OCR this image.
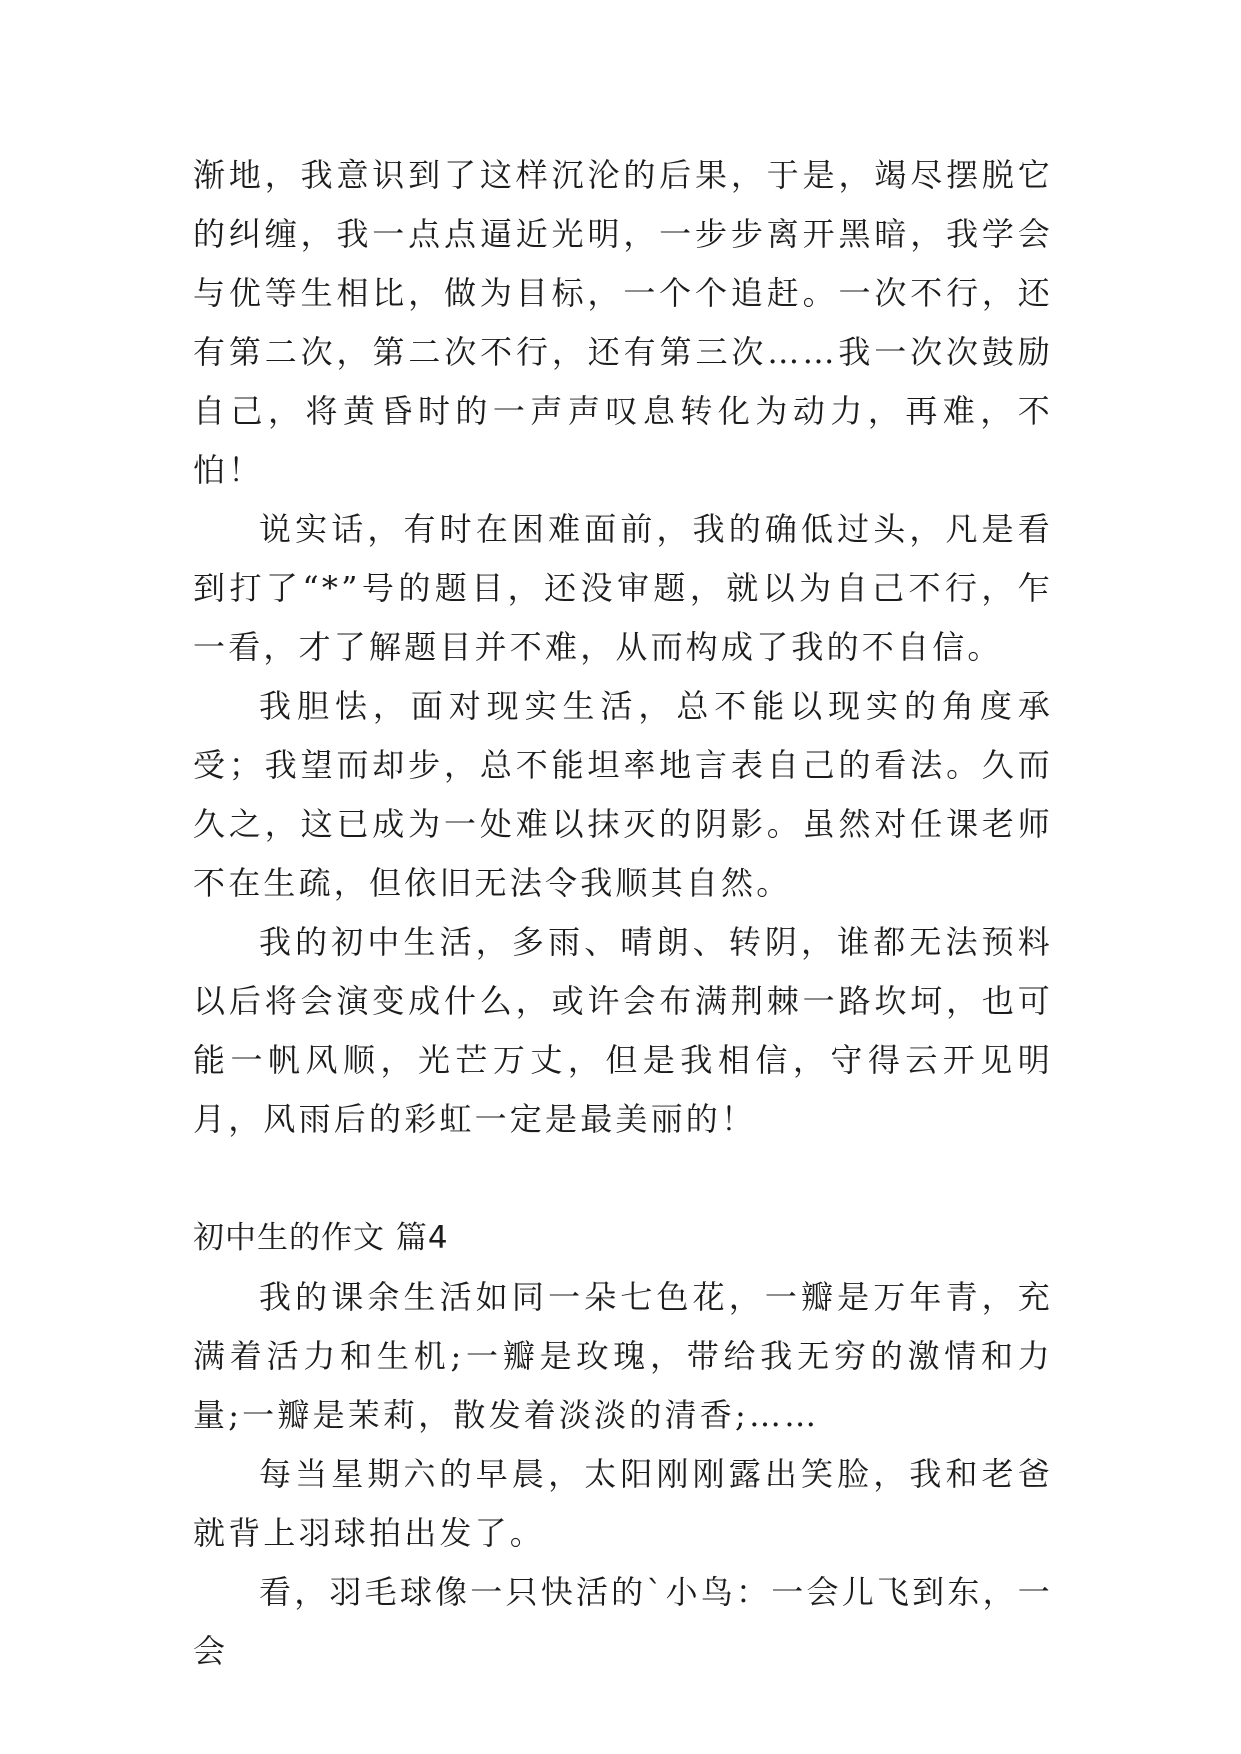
渐地，我意识到了这样沉沦的后果，于是，竭尽摆脱它的纠缠，我一点点逼近光明，一步步离开黑暗，我学会与优等生相比，做为目标，一个个追赶。一次不行，还有第二次，第二次不行，还有第三次……我一次次鼓励自己，将黄昏时的一声声叹息转化为动力，再难，不怕！

说实话，有时在困难面前，我的确低过头，凡是看到打了“*”号的题目，还没审题，就以为自己不行，乍一看，才了解题目并不难，从而构成了我的不自信。

我胆怯，面对现实生活，总不能以现实的角度承受；我望而却步，总不能坦率地言表自己的看法。久而久之，这已成为一处难以抹灭的阴影。虽然对任课老师不在生疏，但依旧无法令我顺其自然。

我的初中生活，多雨、晴朗、转阴，谁都无法预料以后将会演变成什么，或许会布满荆棘一路坎坷，也可能一帆风顺，光芒万丈，但是我相信，守得云开见明月，风雨后的彩虹一定是最美丽的！

初中生的作文 篇4

我的课余生活如同一朵七色花，一瓣是万年青，充满着活力和生机;一瓣是玫瑰，带给我无穷的激情和力量;一瓣是茉莉，散发着淡淡的清香;……

每当星期六的早晨，太阳刚刚露出笑脸，我和老爸就背上羽球拍出发了。

看，羽毛球像一只快活的`小鸟：一会儿飞到东，一会
